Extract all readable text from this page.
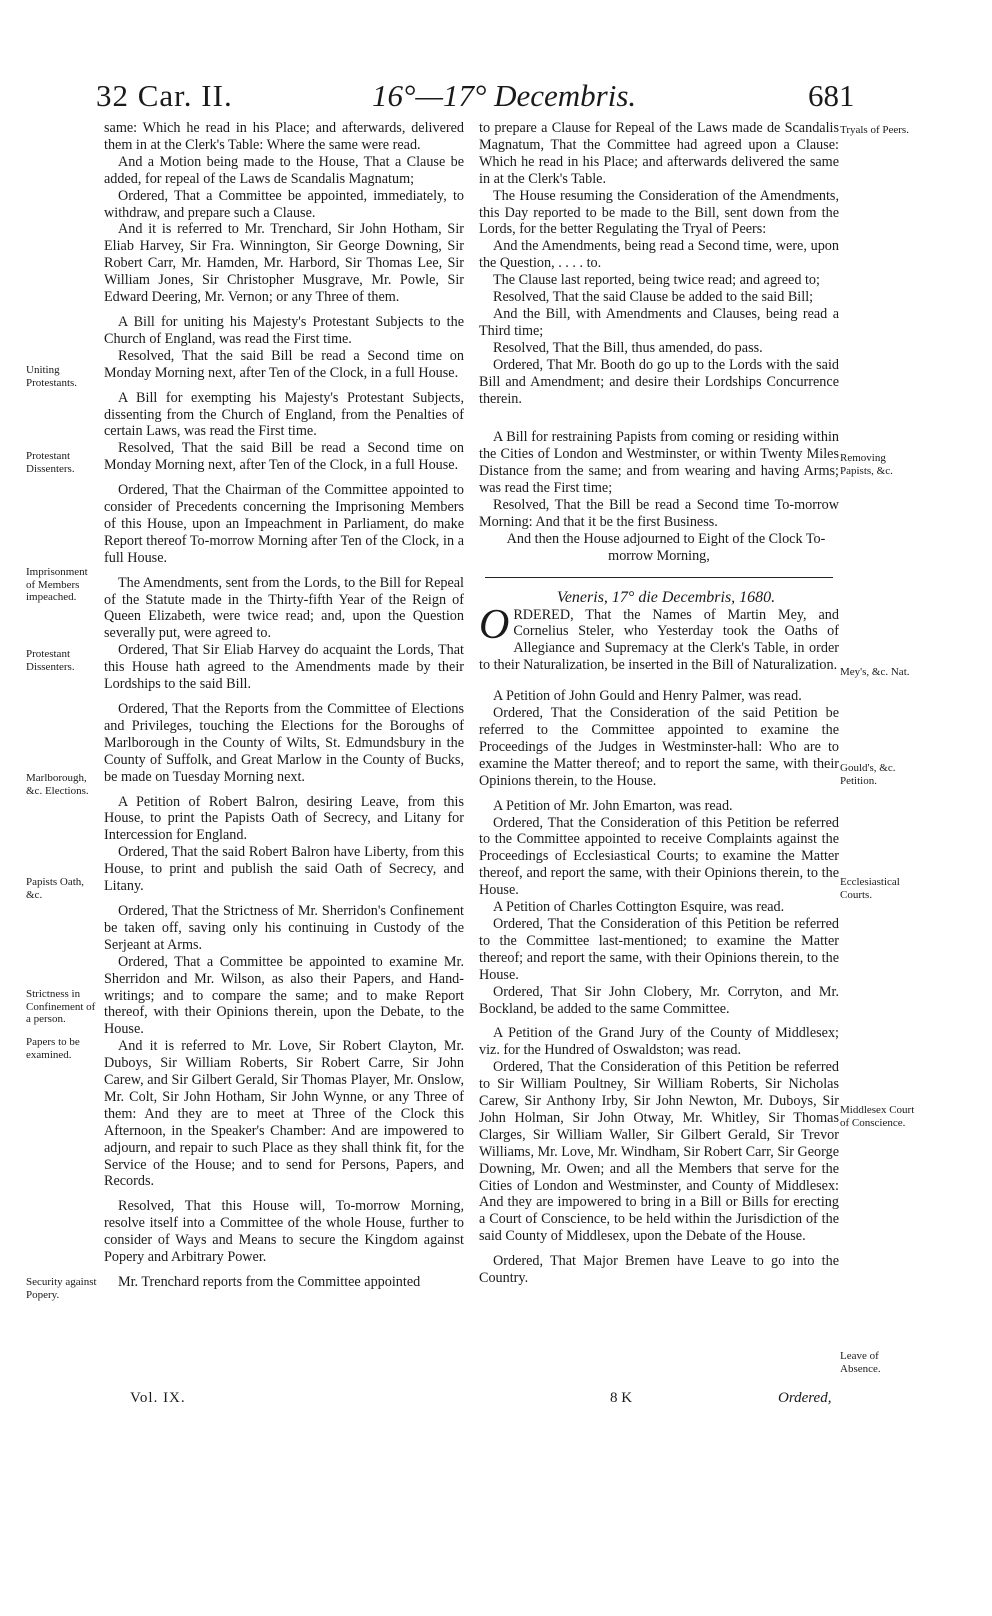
32 Car. II.	16°—17° Decembris.	681

same: Which he read in his Place; and afterwards, delivered them in at the Clerk's Table: Where the same were read.

And a Motion being made to the House, That a Clause be added, for repeal of the Laws de Scandalis Magnatum;

Ordered, That a Committee be appointed, immediately, to withdraw, and prepare such a Clause.

And it is referred to Mr. Trenchard, Sir John Hotham, Sir Eliab Harvey, Sir Fra. Winnington, Sir George Downing, Sir Robert Carr, Mr. Hamden, Mr. Harbord, Sir Thomas Lee, Sir William Jones, Sir Christopher Musgrave, Mr. Powle, Sir Edward Deering, Mr. Vernon; or any Three of them.

A Bill for uniting his Majesty's Protestant Subjects to the Church of England, was read the First time.

Resolved, That the said Bill be read a Second time on Monday Morning next, after Ten of the Clock, in a full House.

A Bill for exempting his Majesty's Protestant Subjects, dissenting from the Church of England, from the Penalties of certain Laws, was read the First time.

Resolved, That the said Bill be read a Second time on Monday Morning next, after Ten of the Clock, in a full House.

Ordered, That the Chairman of the Committee appointed to consider of Precedents concerning the Imprisoning Members of this House, upon an Impeachment in Parliament, do make Report thereof To-morrow Morning after Ten of the Clock, in a full House.

The Amendments, sent from the Lords, to the Bill for Repeal of the Statute made in the Thirty-fifth Year of the Reign of Queen Elizabeth, were twice read; and, upon the Question severally put, were agreed to.

Ordered, That Sir Eliab Harvey do acquaint the Lords, That this House hath agreed to the Amendments made by their Lordships to the said Bill.

Ordered, That the Reports from the Committee of Elections and Privileges, touching the Elections for the Boroughs of Marlborough in the County of Wilts, St. Edmundsbury in the County of Suffolk, and Great Marlow in the County of Bucks, be made on Tuesday Morning next.

A Petition of Robert Balron, desiring Leave, from this House, to print the Papists Oath of Secrecy, and Litany for Intercession for England.

Ordered, That the said Robert Balron have Liberty, from this House, to print and publish the said Oath of Secrecy, and Litany.

Ordered, That the Strictness of Mr. Sherridon's Confinement be taken off, saving only his continuing in Custody of the Serjeant at Arms.

Ordered, That a Committee be appointed to examine Mr. Sherridon and Mr. Wilson, as also their Papers, and Hand-writings; and to compare the same; and to make Report thereof, with their Opinions therein, upon the Debate, to the House.

And it is referred to Mr. Love, Sir Robert Clayton, Mr. Duboys, Sir William Roberts, Sir Robert Carre, Sir John Carew, and Sir Gilbert Gerald, Sir Thomas Player, Mr. Onslow, Mr. Colt, Sir John Hotham, Sir John Wynne, or any Three of them: And they are to meet at Three of the Clock this Afternoon, in the Speaker's Chamber: And are impowered to adjourn, and repair to such Place as they shall think fit, for the Service of the House; and to send for Persons, Papers, and Records.

Resolved, That this House will, To-morrow Morning, resolve itself into a Committee of the whole House, further to consider of Ways and Means to secure the Kingdom against Popery and Arbitrary Power.

Mr. Trenchard reports from the Committee appointed

to prepare a Clause for Repeal of the Laws made de Scandalis Magnatum, That the Committee had agreed upon a Clause: Which he read in his Place; and afterwards delivered the same in at the Clerk's Table.

The House resuming the Consideration of the Amendments, this Day reported to be made to the Bill, sent down from the Lords, for the better Regulating the Tryal of Peers:

And the Amendments, being read a Second time, were, upon the Question, . . . . to.

The Clause last reported, being twice read; and agreed to;

Resolved, That the said Clause be added to the said Bill;

And the Bill, with Amendments and Clauses, being read a Third time;

Resolved, That the Bill, thus amended, do pass.

Ordered, That Mr. Booth do go up to the Lords with the said Bill and Amendment; and desire their Lordships Concurrence therein.

A Bill for restraining Papists from coming or residing within the Cities of London and Westminster, or within Twenty Miles Distance from the same; and from wearing and having Arms; was read the First time;

Resolved, That the Bill be read a Second time To-morrow Morning: And that it be the first Business.

And then the House adjourned to Eight of the Clock To-morrow Morning,

Veneris, 17° die Decembris, 1680.

ORDERED, That the Names of Martin Mey, and Cornelius Steler, who Yesterday took the Oaths of Allegiance and Supremacy at the Clerk's Table, in order to their Naturalization, be inserted in the Bill of Naturalization.

A Petition of John Gould and Henry Palmer, was read.

Ordered, That the Consideration of the said Petition be referred to the Committee appointed to examine the Proceedings of the Judges in Westminster-hall: Who are to examine the Matter thereof; and to report the same, with their Opinions therein, to the House.

A Petition of Mr. John Emarton, was read.

Ordered, That the Consideration of this Petition be referred to the Committee appointed to receive Complaints against the Proceedings of Ecclesiastical Courts; to examine the Matter thereof, and report the same, with their Opinions therein, to the House.

A Petition of Charles Cottington Esquire, was read.

Ordered, That the Consideration of this Petition be referred to the Committee last-mentioned; to examine the Matter thereof; and report the same, with their Opinions therein, to the House.

Ordered, That Sir John Clobery, Mr. Corryton, and Mr. Bockland, be added to the same Committee.

A Petition of the Grand Jury of the County of Middlesex; viz. for the Hundred of Oswaldston; was read.

Ordered, That the Consideration of this Petition be referred to Sir William Poultney, Sir William Roberts, Sir Nicholas Carew, Sir Anthony Irby, Sir John Newton, Mr. Duboys, Sir John Holman, Sir John Otway, Mr. Whitley, Sir Thomas Clarges, Sir William Waller, Sir Gilbert Gerald, Sir Trevor Williams, Mr. Love, Mr. Windham, Sir Robert Carr, Sir George Downing, Mr. Owen; and all the Members that serve for the Cities of London and Westminster, and County of Middlesex: And they are impowered to bring in a Bill or Bills for erecting a Court of Conscience, to be held within the Jurisdiction of the said County of Middlesex, upon the Debate of the House.

Ordered, That Major Bremen have Leave to go into the Country.

Uniting Protestants.
Protestant Dissenters.
Imprisonment of Members impeached.
Protestant Dissenters.
Marlborough, &c. Elections.
Papists Oath, &c.
Strictness in Confinement of a person.
Papers to be examined.
Security against Popery.
Tryals of Peers.
Removing Papists, &c.
Mey's, &c. Nat.
Gould's, &c. Petition.
Ecclesiastical Courts.
Middlesex Court of Conscience.
Leave of Absence.
Vol. IX.	8 K	Ordered,
